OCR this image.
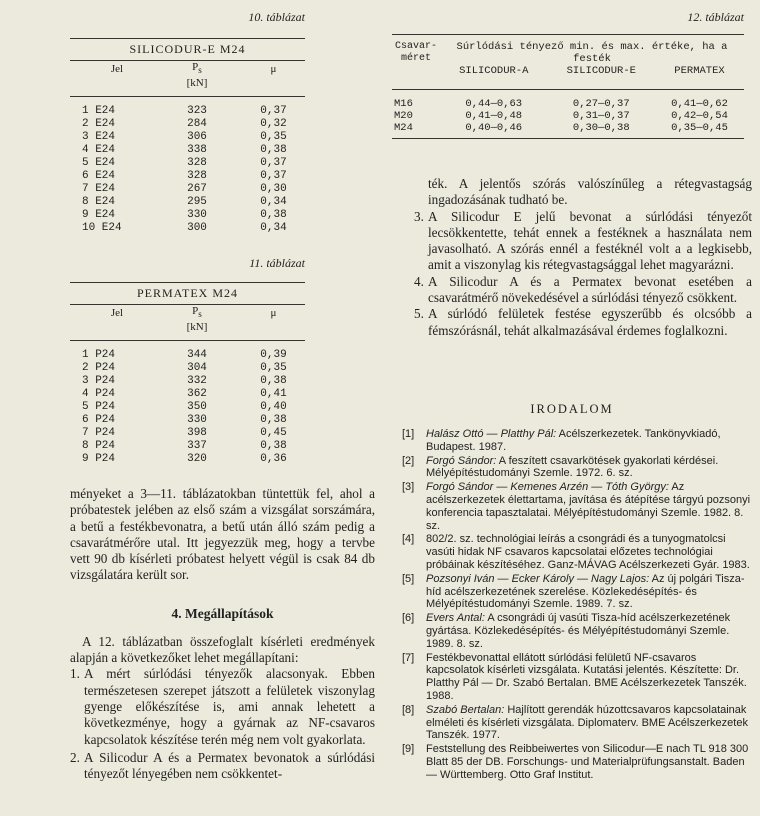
10. táblázat
SILICODUR-E M24		
Jel	$P_s$	μ
	[kN]	
1 E24	323	0,37
2 E24	284	0,32
3 E24	306	0,35
4 E24	338	0,38
5 E24	328	0,37
6 E24	328	0,37
7 E24	267	0,30
8 E24	295	0,34
9 E24	330	0,38
10 E24	300	0,34
11. táblázat
PERMATEX M24		
Jel	$P_s$	μ
	[kN]	
1 P24	344	0,39
2 P24	304	0,35
3 P24	332	0,38
4 P24	362	0,41
5 P24	350	0,40
6 P24	330	0,38
7 P24	398	0,45
8 P24	337	0,38
9 P24	320	0,36

ményeket a 3—11. táblázatokban tüntettük fel, ahol a próbatestek jelében az első szám a vizsgálat sorszámára, a betű a festékbevonatra, a betű után álló szám pedig a csavarátmérőre utal. Itt jegyezzük meg, hogy a tervbe vett 90 db kísérleti próbatest helyett végül is csak 84 db vizsgálatára került sor.

4. Megállapítások

A 12. táblázatban összefoglalt kísérleti eredmények alapján a következőket lehet megállapítani:

1. A mért súrlódási tényezők alacsonyak. Ebben természetesen szerepet játszott a felületek viszonylag gyenge előkészítése is, ami annak lehetett a következménye, hogy a gyárnak az NF-csavaros kapcsolatok készítése terén még nem volt gyakorlata.
2. A Silicodur A és a Permatex bevonatok a súrlódási tényezőt lényegében nem csökkentet-
12. táblázat
Csavar-
méret	Súrlódási tényező min. és max. értéke, ha a festék		
	SILICODUR-A	SILICODUR-E	PERMATEX
M16	0,44—0,63	0,27—0,37	0,41—0,62
M20	0,41—0,48	0,31—0,37	0,42—0,54
M24	0,40—0,46	0,30—0,38	0,35—0,45

ték. A jelentős szórás valószínűleg a rétegvastagság ingadozásának tudható be.

3. A Silicodur E jelű bevonat a súrlódási tényezőt lecsökkentette, tehát ennek a festéknek a használata nem javasolható. A szórás ennél a festéknél volt a a legkisebb, amit a viszonylag kis rétegvastagsággal lehet magyarázni.
4. A Silicodur A és a Permatex bevonat esetében a csavarátmérő növekedésével a súrlódási tényező csökkent.
5. A súrlódó felületek festése egyszerűbb és olcsóbb a fémszórásnál, tehát alkalmazásával érdemes foglalkozni.
IRODALOM
[1]	Halász Ottó — Platthy Pál: Acélszerkezetek. Tankönyvkiadó, Budapest. 1987.
[2]	Forgó Sándor: A feszített csavarkötések gyakorlati kérdései. Mélyépítéstudományi Szemle. 1972. 6. sz.
[3]	Forgó Sándor — Kemenes Arzén — Tóth György: Az acélszerkezetek élettartama, javítása és átépítése tárgyú pozsonyi konferencia tapasztalatai. Mélyépítéstudományi Szemle. 1982. 8. sz.
[4]	802/2. sz. technológiai leírás a csongrádi és a tunyogmatolcsi vasúti hidak NF csavaros kapcsolatai előzetes technológiai próbáinak készítéséhez. Ganz-MÁVAG Acélszerkezeti Gyár. 1983.
[5]	Pozsonyi Iván — Ecker Károly — Nagy Lajos: Az új polgári Tisza-híd acélszerkezetének szerelése. Közlekedésépítés- és Mélyépítéstudományi Szemle. 1989. 7. sz.
[6]	Evers Antal: A csongrádi új vasúti Tisza-híd acélszerkezetének gyártása. Közlekedésépítés- és Mélyépítéstudományi Szemle. 1989. 8. sz.
[7]	Festékbevonattal ellátott súrlódási felületű NF-csavaros kapcsolatok kísérleti vizsgálata. Kutatási jelentés. Készítette: Dr. Platthy Pál — Dr. Szabó Bertalan. BME Acélszerkezetek Tanszék. 1988.
[8]	Szabó Bertalan: Hajlított gerendák húzottcsavaros kapcsolatainak elméleti és kísérleti vizsgálata. Diplomaterv. BME Acélszerkezetek Tanszék. 1977.
[9]	Feststellung des Reibbeiwertes von Silicodur—E nach TL 918 300 Blatt 85 der DB. Forschungs- und Materialprüfungsanstalt. Baden — Württemberg. Otto Graf Institut.
